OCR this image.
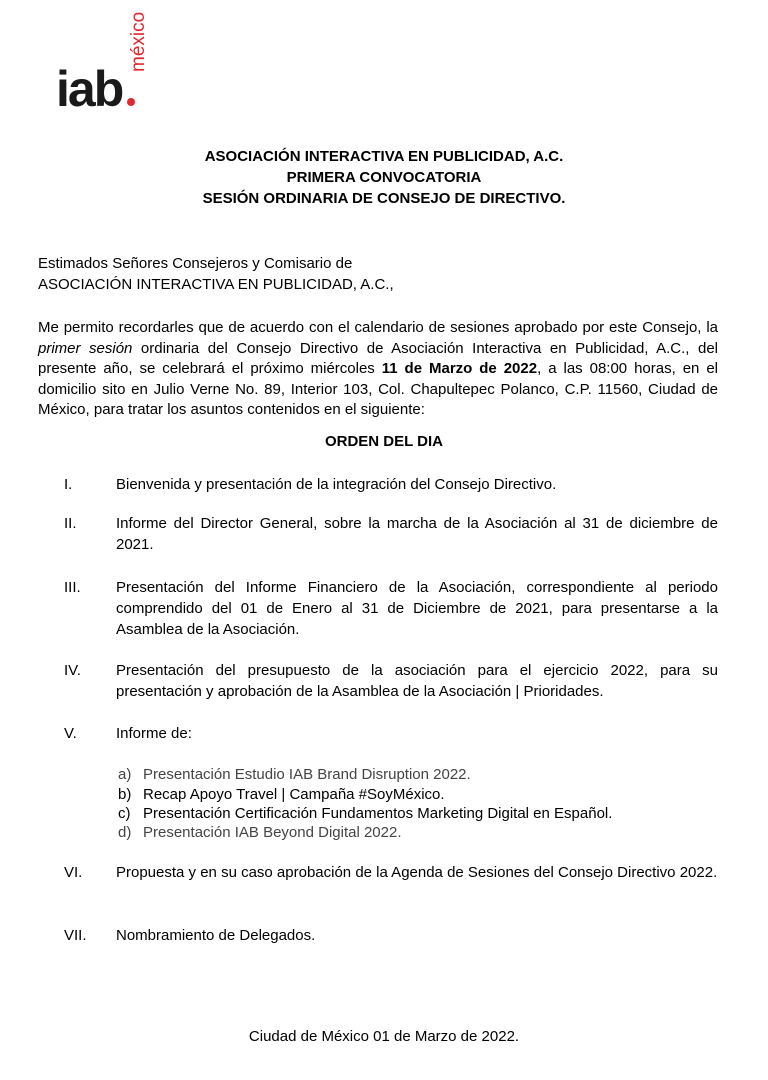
iab
méxico
ASOCIACIÓN INTERACTIVA EN PUBLICIDAD, A.C.
PRIMERA CONVOCATORIA
SESIÓN ORDINARIA DE CONSEJO DE DIRECTIVO.
Estimados Señores Consejeros y Comisario de
ASOCIACIÓN INTERACTIVA EN PUBLICIDAD, A.C.,
Me permito recordarles que de acuerdo con el calendario de sesiones aprobado por este Consejo, la primer sesión ordinaria del Consejo Directivo de Asociación Interactiva en Publicidad, A.C., del presente año, se celebrará el próximo miércoles 11 de Marzo de 2022, a las 08:00 horas, en el domicilio sito en Julio Verne No. 89, Interior 103, Col. Chapultepec Polanco, C.P. 11560, Ciudad de México, para tratar los asuntos contenidos en el siguiente:
ORDEN DEL DIA
I.	Bienvenida y presentación de la integración del Consejo Directivo.
II.	Informe del Director General, sobre la marcha de la Asociación al 31 de diciembre de 2021.
III. Presentación del Informe Financiero de la Asociación, correspondiente al periodo comprendido del 01 de Enero al 31 de Diciembre de 2021, para presentarse a la Asamblea de la Asociación.
IV. Presentación del presupuesto de la asociación para el ejercicio 2022, para su presentación y aprobación de la Asamblea de la Asociación | Prioridades.
V.	Informe de:
a) Presentación Estudio IAB Brand Disruption 2022.
b) Recap Apoyo Travel | Campaña #SoyMéxico.
c) Presentación Certificación Fundamentos Marketing Digital en Español.
d) Presentación IAB Beyond Digital 2022.
VI. Propuesta y en su caso aprobación de la Agenda de Sesiones del Consejo Directivo 2022.
VII. Nombramiento de Delegados.
Ciudad de México 01 de Marzo de 2022.
